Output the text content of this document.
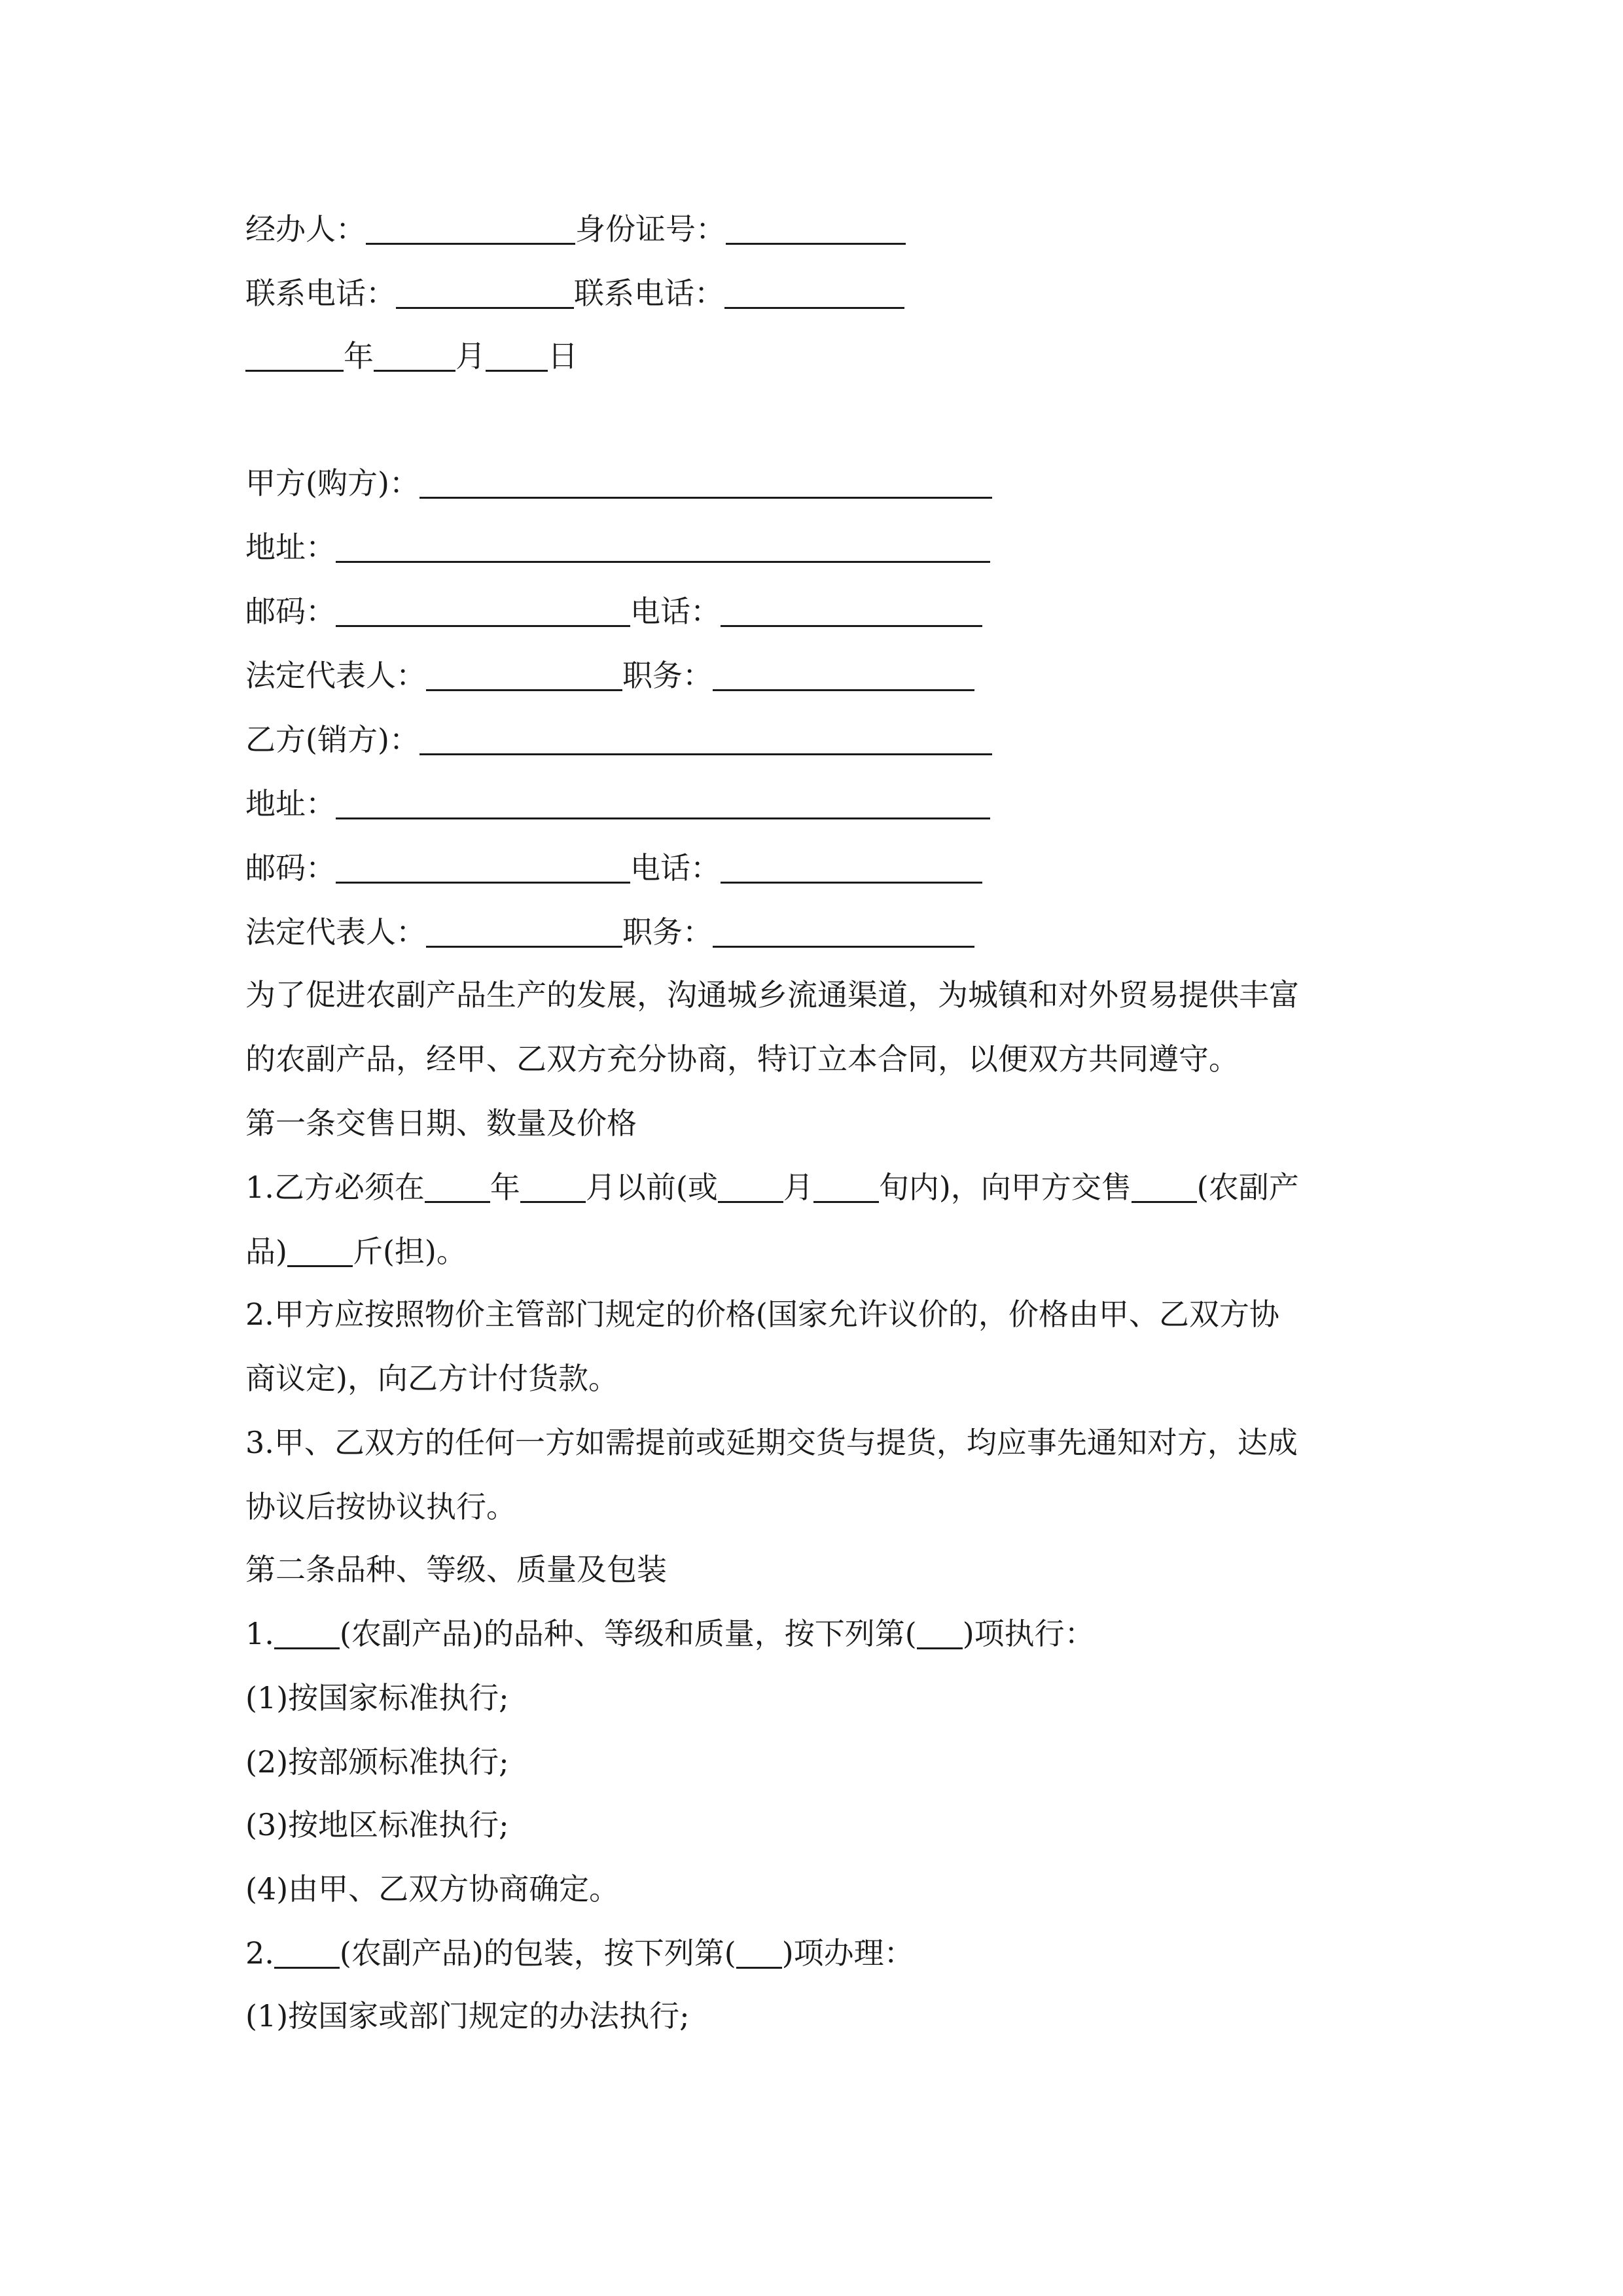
经办人：	身份证号：
联系电话：	联系电话：
年	月 日
甲方(购方)：
地址：
邮码：	电话：
法定代表人：	职务：
乙方(销方)：
地址：
邮码：	电话：
法定代表人：	职务：
为了促进农副产品生产的发展，沟通城乡流通渠道，为城镇和对外贸易提供丰富
的农副产品，经甲、乙双方充分协商，特订立本合同，以便双方共同遵守。
第一条交售日期、数量及价格
1.乙方必须在 年 月以前(或 月 旬内)，向甲方交售 (农副产
品) 斤(担)。
2.甲方应按照物价主管部门规定的价格(国家允许议价的，价格由甲、乙双方协
商议定)，向乙方计付货款。
3.甲、乙双方的任何一方如需提前或延期交货与提货，均应事先通知对方，达成
协议后按协议执行。
第二条品种、等级、质量及包装
1. (农副产品)的品种、等级和质量，按下列第( )项执行：
(1)按国家标准执行;
(2)按部颁标准执行;
(3)按地区标准执行;
(4)由甲、乙双方协商确定。
2. (农副产品)的包装，按下列第( )项办理：
(1)按国家或部门规定的办法执行;
